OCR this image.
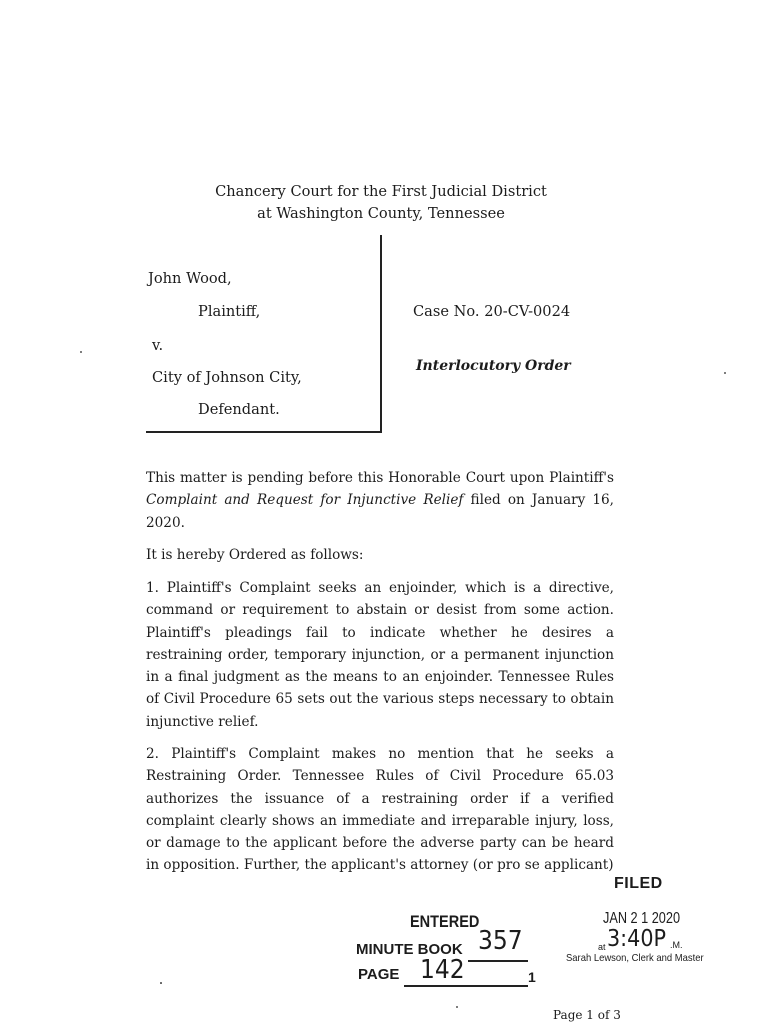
Chancery Court for the First Judicial District
at Washington County, Tennessee
John Wood,
Plaintiff,
v.
City of Johnson City,
Defendant.
Case No. 20-CV-0024
Interlocutory Order
This matter is pending before this Honorable Court upon Plaintiff's Complaint and Request for Injunctive Relief filed on January 16, 2020.
It is hereby Ordered as follows:
1. Plaintiff's Complaint seeks an enjoinder, which is a directive, command or requirement to abstain or desist from some action. Plaintiff's pleadings fail to indicate whether he desires a restraining order, temporary injunction, or a permanent injunction in a final judgment as the means to an enjoinder. Tennessee Rules of Civil Procedure 65 sets out the various steps necessary to obtain injunctive relief.
2. Plaintiff's Complaint makes no mention that he seeks a Restraining Order. Tennessee Rules of Civil Procedure 65.03 authorizes the issuance of a restraining order if a verified complaint clearly shows an immediate and irreparable injury, loss, or damage to the applicant before the adverse party can be heard in opposition. Further, the applicant's attorney (or pro se applicant)
FILED
JAN 2 1 2020
at 3:40P .M.
Sarah Lewson, Clerk and Master
ENTERED
MINUTE BOOK 357
PAGE 142	1
Page 1 of 3
